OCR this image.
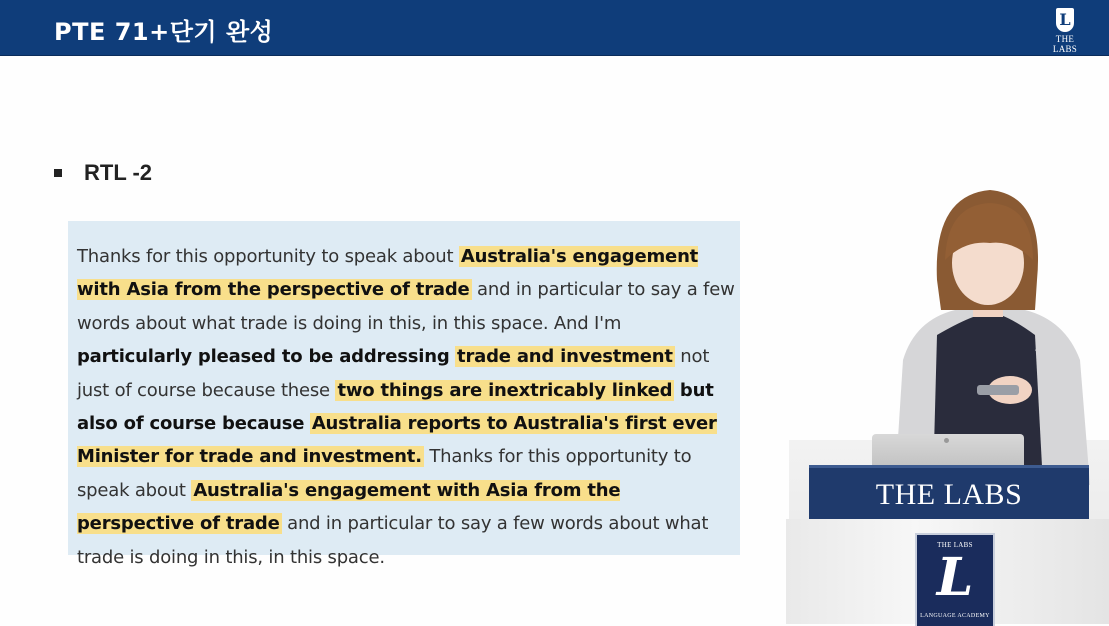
PTE 71+단기 완성	L
THE LABS
RTL -2
Thanks for this opportunity to speak about Australia's engagement with Asia from the perspective of trade and in particular to say a few words about what trade is doing in this, in this space. And I'm particularly pleased to be addressing trade and investment not just of course because these two things are inextricably linked but also of course because Australia reports to Australia's first ever Minister for trade and investment. Thanks for this opportunity to speak about Australia's engagement with Asia from the perspective of trade and in particular to say a few words about what trade is doing in this, in this space.
THE LABS
THE LABS
L
LANGUAGE ACADEMY
